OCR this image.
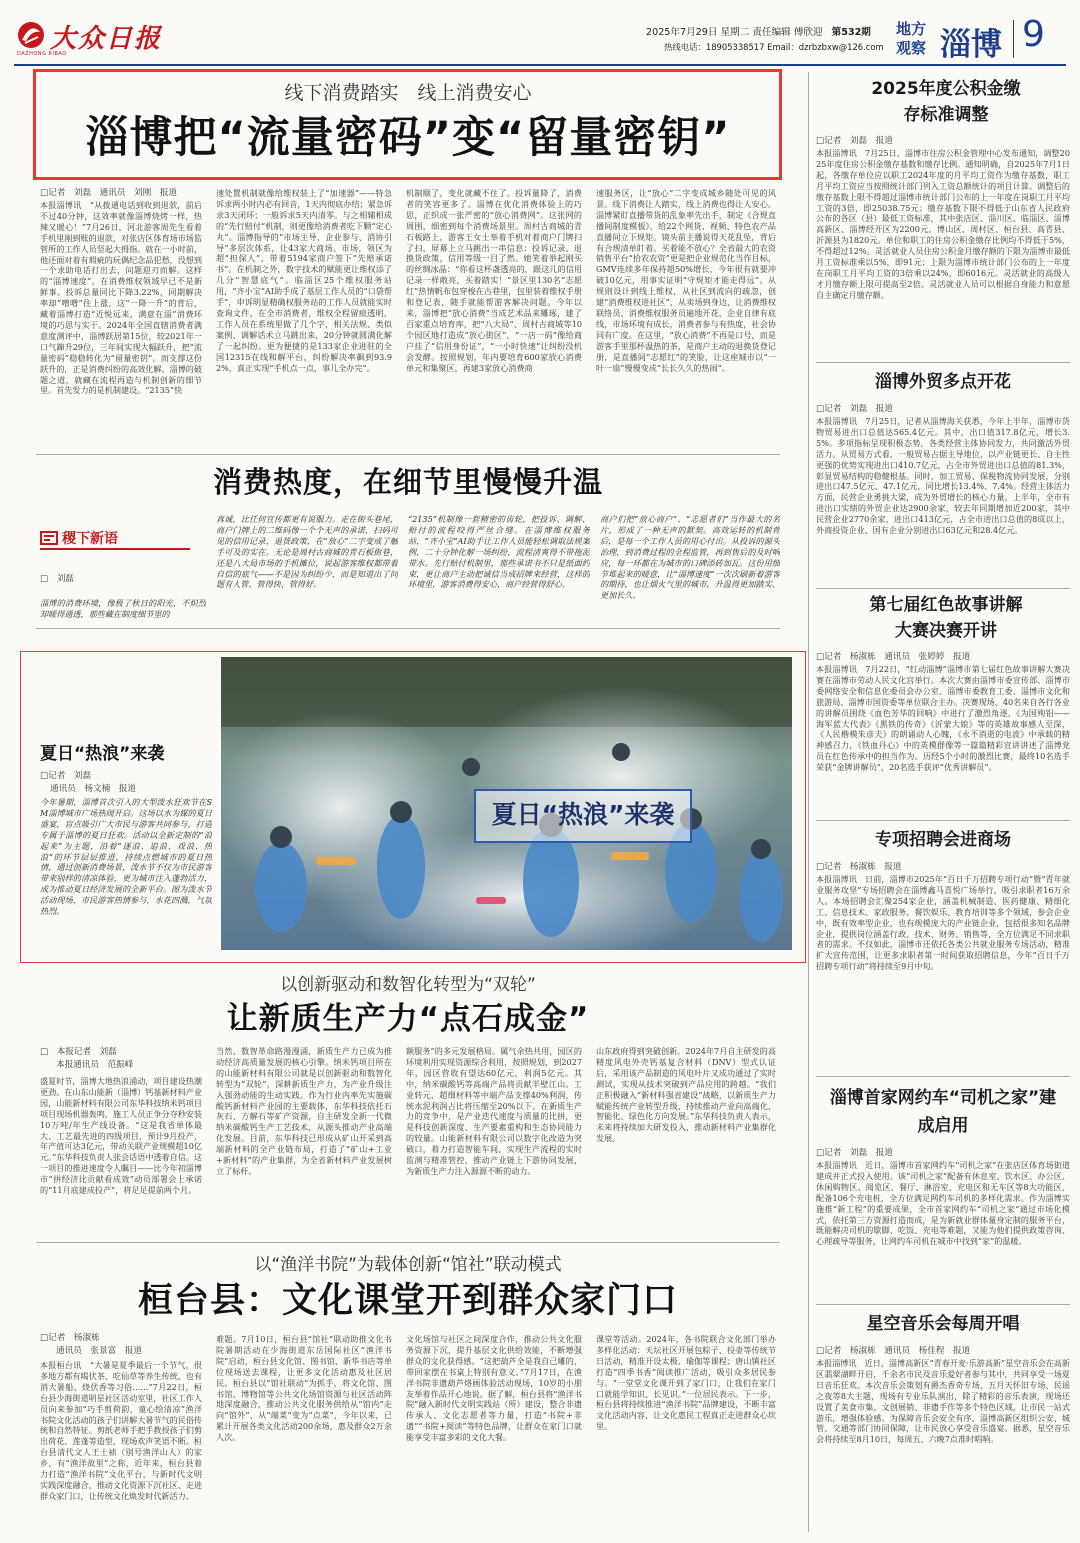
大众日报
DAZHONG RIBAO
2025年7月29日 星期二 责任编辑 傅欣迎 第532期
热线电话：18905338517 Email：dzrbzbxw@126.com
地方
观察 淄博 9
线下消费踏实　线上消费安心
淄博把“流量密码”变“留量密钥”
□记者　刘磊　通讯员　刘刚　报道
本报淄博讯　“从拨通电话到收到退款，前后不过40分钟，这效率就像淄博烧烤一样，热辣又暖心！”7月26日，河北游客周先生看着手机里刚到账的退款，对张店区体育场市场监管所的工作人员竖起大拇指。就在一小时前，他还面对着有瑕疵的玩偶纪念品犯愁，没想到一个求助电话打出去，问题迎刃而解。这样的“淄博速度”，在消费维权领域早已不是新鲜事。投诉总量同比下降3.22%，同期解决率却“噌噌”往上涨，这“一降一升”的背后，藏着淄博打造“近悦远来，满意在淄”消费环境的巧思与实干。2024年全国直辖消费者满意度测评中，淄博跃居第15位，较2021年一口气蹿升29位，三年间实现大幅跃升，把“流量密码”稳稳转化为“留量密钥”。而支撑这份跃升的，正是消费纠纷的高效化解。淄博的破题之道，就藏在流程再造与机制创新的细节里。首先发力的是机制建设。“2135”快
速处置机制就像给维权装上了“加速器”——特急诉求两小时内必有回音，1天内彻底办结；紧急诉求3天闭环；一般诉求5天内清零。与之相辅相成的“先行赔付”机制，则更像给消费者吃下颗“定心丸”。淄博指导的“市场主导、企业参与、消协引导”多层次体系，让43家大商场、市场，领区为超“担保人”，带着5194家商户签下“先赔承诺书”。在机制之外，数字技术的赋能更让维权添了几分“智慧底气”。临淄区25个维权服务站用，“齐小宝”AI助手成了基层工作人员的“口袋帮手”，申诉明显精确权服务站的工作人员就能实时查询文件，在全市消费者，维权全程留痕透明，工作人员在系统里做了几个字，相关法规、类似案例、调解话术立马跳出来，20分钟就圆满化解了一起纠纷。更为便捷的是133家企业进驻的全国12315在线和解平台，纠纷解决率飙到93.92%，真正实现“手机点一点，事儿全办完”。
机制顺了，变化就藏不住了。投诉量降了，消费者的笑容更多了。淄博在优化消费体验上的巧思，正织成一张严密的“放心消费网”。这张网的周围，细密到每个消费场景里。周村古商城的青石板路上，游客王女士举着手机对着商户门牌扫了扫，屏幕上立马跳出一串信息：投诉记录、退换货政策，信用等级一目了然。她笑着举起刚买的丝绸冰晶：“你看这杯盏透亮的，跟这儿的信用记录一样敞亮，买着踏实！”景区里130名“志愿红”热情帆布包穿梭在古巷里，包里装着维权手册和登记表，随手就能帮游客解决问题。今年以来，淄博把“放心消费”当成艺术品来雕琢，建了百家重点培育库，把“八大局”、周村古商城等10个园区地打造成“放心街区”，“一店一码”像给商户挂了“信用身份证”，“一小时快速”让纠纷没机会发酵。按照规划，年内要培育600家放心消费单元和集聚区，再建3家放心消费商
速服务区，让“放心”二字变成城乡随处可见的风景。线下消费让人踏实，线上消费也得让人安心。淄博紧盯直播带货的乱象率先出手，制定《合规直播间制度模板》，给22个网货、视频、特色农产品直播间立下规矩。镜头前主播说得天花乱坠，背后有合规清单盯着。买着能不放心？全省最大的农资销售平台“拾农农资”更是把企业规范化当作目标，GMV连续多年保持超50%增长，今年很有就要冲破10亿元，用事实证明“守规矩才能走得远”。从规则设计到线上维权，从社区到流向的疏忽，创建“消费维权进社区”，从卖场到身边，让消费维权联络员、消费维权服务员遍地开花，企业自律有底线，市场环境有成长，消费者参与有热度，社会协同有广度。在这里，“放心消费”不再是口号，而是游客手里那杯温热的茶，是商户主动的退换货登记册，是直播间“志愿红”的笑脸，让这座城市以“一叶一扇”慢慢变成“长长久久的热闹”。
消费热度，在细节里慢慢升温
稷下新语
□　刘磊
淄博的消费环境，像极了秋日的阳光，不炽烈却暖得通透，那些藏在制度细节里的
真诚，比任何宣传都更有说服力。走在街头巷尾，商户门牌上的二维码像一个个无声的承诺，扫码可见的信用记录、退货政策，在“放心”二字变成了触手可及的实在。无论是周村古商城的青石板街巷，还是八大局市场的手机摊位，说起游客维权都带着自信的底气——不是因为纠纷少，而是知道出了问题有人管、管得快、管得好。
“2135”机制像一套精密的齿轮，把投诉、调解、赔付的流程咬得严丝合缝。在淄博维权服务站，“齐小宝”AI助手让工作人员能轻松调取法规案例，二十分钟化解一场纠纷，流程清爽得不带拖泥带水。先行赔付机制里，那些承诺书不只是纸面约束，更让商户主动把诚信当成招牌来经营，这样的环境里，游客消费得安心，商户经营得舒心。
商户们把“放心商户”、“志愿者们”当作最大的名片，形成了一种无声的默契。高效运转的机制背后，是每一个工作人员的用心付出。从投诉的源头治理，到消费过程的全程监管，再到售后的及时响应，每一环都在为城市的口碑添砖加瓦。这份用细节堆起来的暖意，让“淄博速度”一次次刷新着游客的期待，也让烟火气里的城市，升温得更加踏实、更加长久。
夏日“热浪”来袭
□记者　刘磊
通讯员　杨文楠　报道
今年暑期，淄博首次引入的大型泼水狂欢节在SM淄博城市广场热闹开启。这场以水为媒的夏日盛宴，盲点吸引广大市民与游客共同参与，打造专属于淄博的夏日狂欢。活动以全新定制的“浪起来”为主题，沿着“逐浪、追浪、戏浪、热浪”的环节层层推进，持续点燃城市的夏日热情，通过创新消费场景，泼水节不仅为市民游客带来别样的清凉体验，更为城市注入蓬勃活力，成为推动夏日经济发展的全新平台。图为泼水节活动现场，市民游客热情参与，水花四溅，气氛热烈。
夏日“热浪”来袭
以创新驱动和数智化转型为“双轮”
让新质生产力“点石成金”
□　本报记者　刘磊
本报通讯员　范振峰
盛夏时节，淄博大地热浪涌动，项目建设热潮更劲。在山东山能新（淄博）钙基新材料产业园，山能新材料有限公司东华科技纳米钙项目项目现场机器轰鸣，施工人员正争分夺秒安装10万吨/年生产线设备。“这是我省单体最大、工艺最先进的四级项目，预计9月投产，年产值可达3亿元，带动关联产业规模超10亿元。”东华科技负责人张会话语中透着自信。这一项目的推进速度令人瞩目——比今年初淄博市“拼经济比贡献看成效”动员部署会上承诺的“11月底建成投产”，将足足提前两个月。
当然、数智革命路漫漫涌，新质生产力已成为推动经济高质量发展的核心引擎。纳米钙项目所在的山能新材料有限公司就是以创新驱动和数智化转型为“双轮”，深耕新质生产力，为产业升级注入强劲动能的生动实践。作为行业内率先实施碳酸钙新材料产业园的主要载体，东华科技依托石灰石、方解石等矿产资源，自主研发全新一代微纳米碳酸钙生产工艺技术，从源头推动产业高端化发展。目前，东华科技已形成从矿山开采到高端新材料的全产业链布局，打造了“矿山+工业+新材料”的产业集群，为全省新材料产业发展树立了标杆。
额服务”的多元发展格局。属气余热共用，园区的环境利用实现资源综合利用，按照规划，到2027年，园区营收有望达60亿元，利润5亿元。其中，纳米碳酸钙等高端产品将贡献半壁江山。工业转元、超细材料等中端产品支撑40%利润，传统水泥利润占比将压缩至20%以下。在新质生产力的竞争中，是产业迭代速度与质量的比拼，更是科技创新深度、生产要素重构和生态协同能力的较量。山能新材料有限公司以数字化改造为突破口，着力打造智能车间，实现生产流程的实时监测与精准管控，推动产业链上下游协同发展，为新质生产力注入源源不断的动力。
山东政府得到突破创新。2024年7月自主研发的高精度风电外壳钙基复合材料（DNV）型式认证后，采用该产品制造的风电叶片又成功通过了实时测试，实现从技术突破到产品应用的跨越。“我们正积极融入“新材料强省建设”战略，以新质生产力赋能传统产业转型升级，持续推动产业向高端化、智能化、绿色化方向发展。”东华科技负责人表示，未来将持续加大研发投入，推动新材料产业集群化发展。
以“渔洋书院”为载体创新“馆社”联动模式
桓台县：文化课堂开到群众家门口
□记者　杨淑栋
通讯员　张景富　报道
本报桓台讯　“大暑是夏季最后一个节气，很多地方都有喝伏茶、吃仙草等养生传统，也有消大暑船、烧伏香等习俗……”7月22日，桓台县少海街道明星社区活动室里，社区工作人员向来参加“巧手剪荷韵，童心绘清凉”渔洋书院文化活动的孩子们讲解大暑节气的民俗传统和自然特征。剪纸老师手把手教授孩子们剪出荷花、莲蓬等造型，现场欢声笑语不断。桓台县清代文人王士祯（别号渔洋山人）的家乡，有“渔洋故里”之称，近年来，桓台县着力打造“渔洋书院”文化平台，与新时代文明实践深度融合，推动文化资源下沉社区、走进群众家门口，让传统文化焕发时代新活力。
难题。7月10日，桓台县“馆社”联动助推文化书院暑期活动在少海街道东岳国际社区“渔洋书院”启动，桓台县文化馆、图书馆、新华书店等单位现场送去课程，让更多文化活动惠及社区居民。桓台县以“馆社联动”为抓手，将文化馆、图书馆、博物馆等公共文化场馆资源与社区活动阵地深度融合，推动公共文化服务供给从“馆内”走向“馆外”、从“端菜”变为“点菜”，今年以来，已累计开展各类文化活动200余场，惠及群众2万余人次。
文化场馆与社区之间深度合作，推动公共文化服务资源下沉，提升基层文化供给效能，不断增强群众的文化获得感。“这把葫芦全是我自己雕的，带回家摆在书桌上特别有意义。”7月17日，在渔洋书院非遗葫芦烙画体验活动现场，10岁的小朋友举着作品开心地说。据了解，桓台县将“渔洋书院”融入新时代文明实践站（所）建设，整合非遗传承人、文化志愿者等力量，打造“书院+非遗”“书院+阅读”等特色品牌，让群众在家门口就能享受丰富多彩的文化大餐。
课堂等活动。2024年，各书院联合文化部门举办多样化活动：天坛社区开展包粽子、投壶等传统节日活动，精准开设太极、瑜伽等课程；唐山镇社区打造“四季书香”阅读推广活动，吸引众多居民参与。“一堂堂文化课开到了家门口，让我们在家门口就能学知识、长见识。”一位居民表示。下一步，桓台县将持续推进“渔洋书院”品牌建设，不断丰富文化活动内容，让文化惠民工程真正走进群众心坎里。
2025年度公积金缴存标准调整
□记者　刘磊　报道
本报淄博讯　7月25日，淄博市住房公积金管理中心发布通知，调整2025年度住房公积金缴存基数和缴存比例。通知明确，自2025年7月1日起，各缴存单位应以职工2024年度的月平均工资作为缴存基数，职工月平均工资应当按照统计部门列入工资总额统计的项目计算。调整后的缴存基数上限不得超过淄博市统计部门公布的上一年度在岗职工月平均工资的3倍，即25038.75元；缴存基数下限不得低于山东省人民政府公布的各区（县）最低工资标准，其中张店区、淄川区、临淄区、淄博高新区、淄博经开区为2200元，博山区、周村区、桓台县、高青县、沂源县为1820元。单位和职工的住房公积金缴存比例均不得低于5%，不得超过12%。灵活就业人员住房公积金月缴存额的下限为淄博市最低月工资标准乘以5%，即91元；上限为淄博市统计部门公布的上一年度在岗职工月平均工资的3倍乘以24%，即6016元。灵活就业的高级人才月缴存额上限可提高至2倍。灵活就业人员可以根据自身能力和意愿自主确定月缴存额。
淄博外贸多点开花
□记者　刘磊　报道
本报淄博讯　7月25日，记者从淄博海关获悉，今年上半年，淄博市货物贸易进出口总值达565.4亿元。其中，出口值317.8亿元，增长3.5%。多项指标呈现积极态势，各类经营主体协同发力，共同激活外贸活力。从贸易方式看，一般贸易占据主导地位，以产业链更长、自主性更强的优势实现进出口410.7亿元，占全市外贸进出口总值的81.3%，彰显贸易结构的稳健根基。同时，加工贸易、保税物流协同发展，分别进出口47.5亿元、47.1亿元，同比增长13.4%、7.4%。经营主体活力方面，民营企业勇挑大梁，成为外贸增长的核心力量。上半年，全市有进出口实绩的外贸企业达2900余家，较去年同期增加近200家，其中民营企业2770余家，进出口413亿元，占全市进出口总值的8成以上，外商投资企业、国有企业分别进出口63亿元和28.4亿元。
第七届红色故事讲解大赛决赛开讲
□记者　杨淑栋　通讯员　张婷婷　报道
本报淄博讯　7月22日，“红动淄博”淄博市第七届红色故事讲解大赛决赛在淄博市劳动人民文化宫举行。本次大赛由淄博市委宣传部、淄博市委网络安全和信息化委员会办公室、淄博市委教育工委、淄博市文化和旅游局、淄博市国资委等单位联合主办。决赛现场，40名来自各行各业的讲解员围绕《血色芳华的回响》中进行了激烈角逐，《为国殉铝——海军蓝大代表》《黑铁的传奇》《沂蒙大娘》等的英雄故事感人至深，《人民楷模朱彦夫》的朗诵动人心魄，《永不消逝的电波》中承载的精神感召力，《铁血丹心》中的英模群像等一篇篇精彩宣讲讲述了淄博党员在红色传承中的担当作为。历经5个小时的激烈比赛，最终10名选手荣获“金牌讲解员”，20名选手获评“优秀讲解员”。
专项招聘会进商场
□记者　杨淑栋　报道
本报淄博讯　日前，淄博市2025年“百日千万招聘专项行动”暨“青年就业服务攻坚”专场招聘会在淄博鑫马喜悦广场举行，吸引求职者16万余人。本场招聘会汇聚254家企业，涵盖机械制造、医药健康、精细化工、信息技术、家政服务、餐饮娱乐、教育培训等多个领域，参会企业中，既有效率型企业，也有规模庞大的产业链企业，包括很多知名品牌企业，提供岗位涵盖行政、技术、财务、销售等，全方位满足不同求职者的需求。不仅如此，淄博市还依托各类公共就业服务专场活动，精准扩大宣传范围，让更多求职者第一时间获取招聘信息，今年“百日千万招聘专项行动”将持续至9月中旬。
淄博首家网约车“司机之家”建成启用
□记者　刘磊　报道
本报淄博讯　近日，淄博市首家网约车“司机之家”在张店区体育场街道建成并正式投入使用。该“司机之家”配备有休息室、饮水区、办公区、休闲购物区、阅览区、餐厅、淋浴室、充电区和无车区等8大功能区，配备106个充电桩，全方位满足网约车司机的多样化需求。作为淄博实施推“新工程”的重要成果，全市首家网约车“司机之家”通过市场化模式，依托第三方资源打造而成，是为新就业群体量身定制的服务平台，既能解决司机的歇脚、吃饭、充电等难题，又能为他们提供政策咨询、心理疏导等服务，让网约车司机在城市中找到“家”的温暖。
星空音乐会每周开唱
□记者　杨淑栋　通讯员　杨佳程　报道
本报淄博讯　近日，淄博高新区“青春开麦·乐游高新”星空音乐会在高新区翡翠湖畔开启，千余名市民及音乐爱好者参与其中，共同享受一场夏日音乐狂欢。本次音乐会策划有爵杰香奇专场、五月天怀旧专场、民谣之夜等8大主题，现场有专业乐队演出，除了精彩的音乐表演，现场还设置了美食市集、文创展销、非遗手作等多个特色区域，让市民一站式游乐，增强体验感。为保障音乐会安全有序，淄博高新区组织公安、城管、交通等部门协同保障，让市民放心享受音乐盛宴。据悉，星空音乐会将持续至8月10日，每周五、六晚7点准时唱响。
